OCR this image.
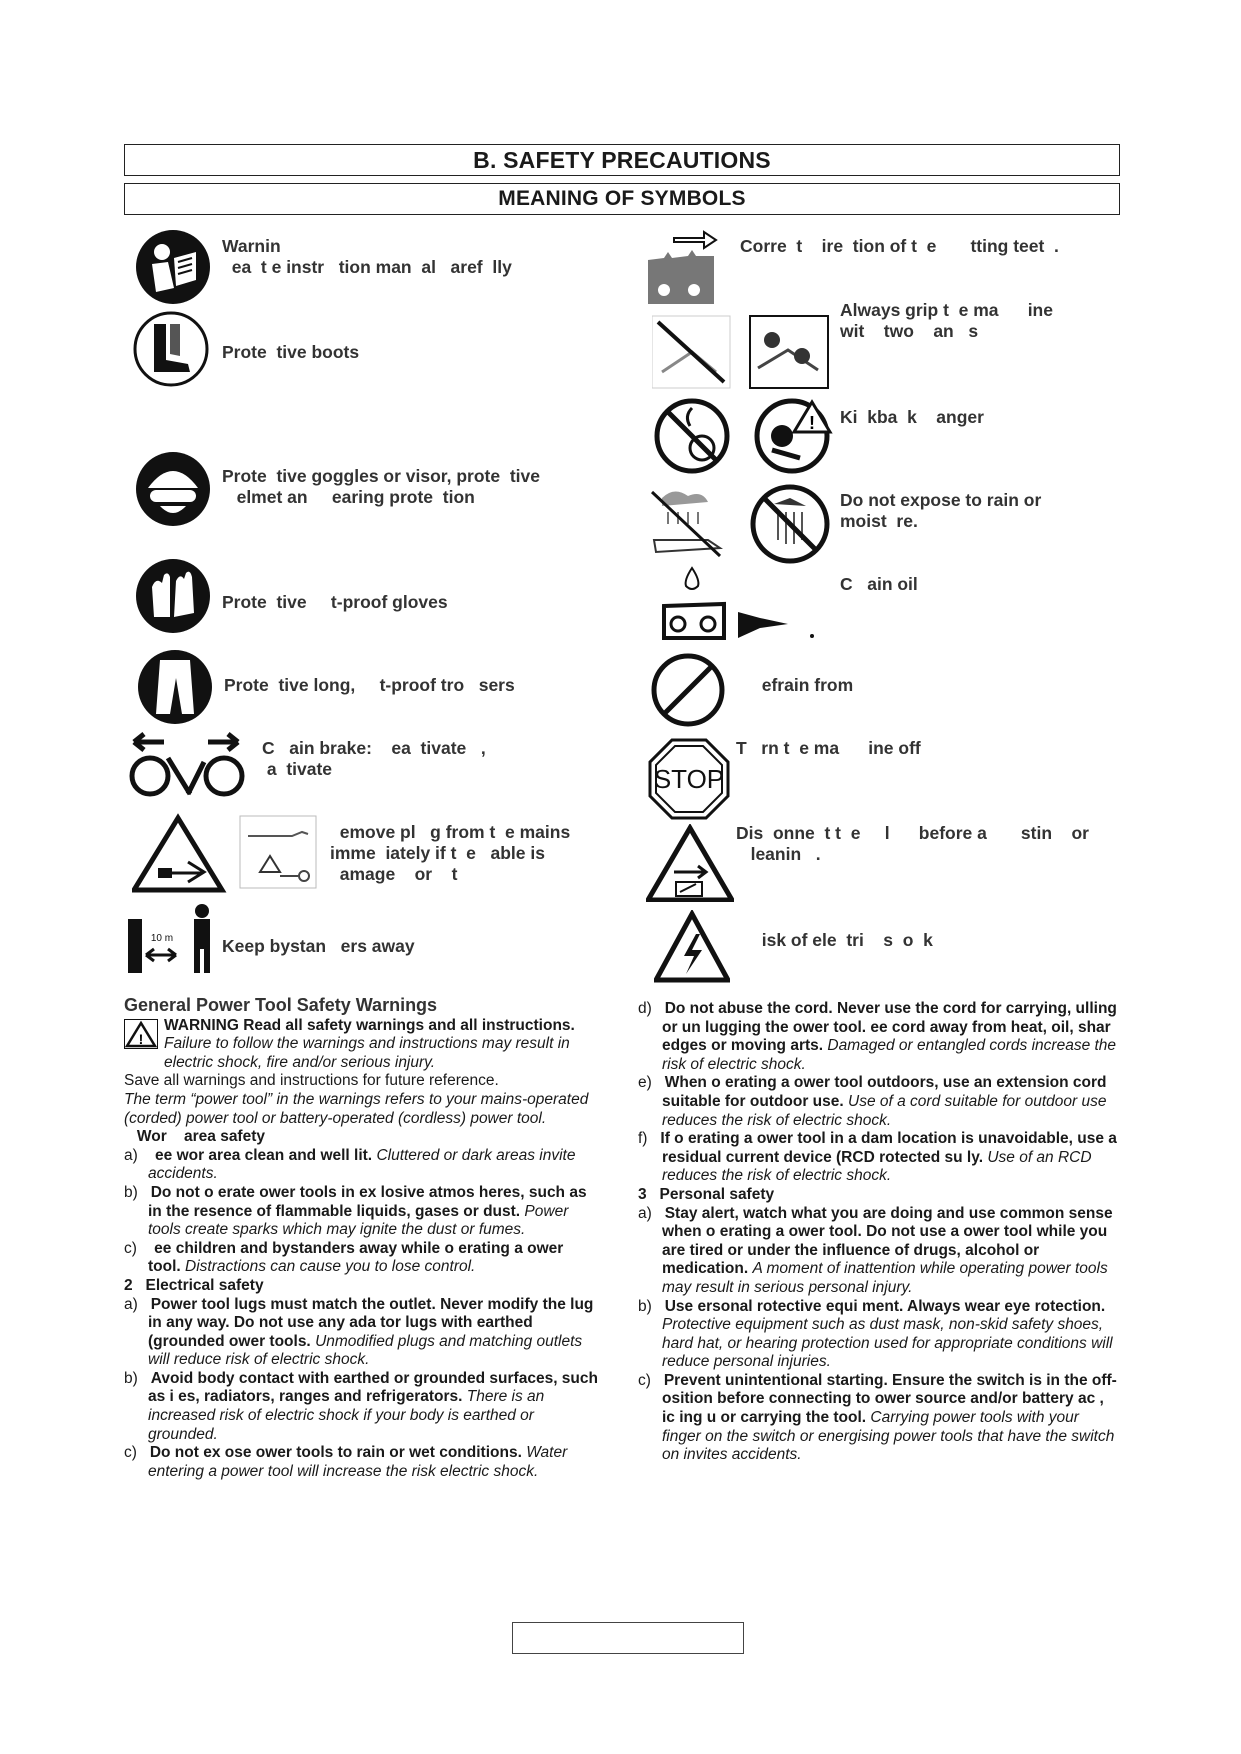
B. SAFETY PRECAUTIONS
MEANING OF SYMBOLS
Warnin
ea  t e instr   tion man  al   aref  lly
Prote  tive boots
Prote  tive goggles or visor, prote  tive
elmet an     earing prote  tion
Prote  tive     t-proof gloves
Prote  tive long,     t-proof tro   sers
C   ain brake:    ea  tivate   ,
a  tivate
emove pl   g from t  e mains
imme  iately if t  e   able is
amage    or    t
10 m	Keep bystan   ers away
Corre  t    ire  tion of t  e       tting teet  .
Always grip t  e ma      ine
wit    two    an   s
! Ki  kba  k    anger
Do not expose to rain or
moist  re.
C   ain oil
efrain from
STOP
T   rn t  e ma      ine off
Dis  onne  t t  e     l      before a       stin    or
leanin   .
isk of ele  tri    s  o  k

General Power Tool Safety Warnings

!

WARNING Read all safety warnings and all instructions. Failure to follow the warnings and instructions may result in electric shock, fire and/or serious injury.

Save all warnings and instructions for future reference.

The term “power tool” in the warnings refers to your mains-operated (corded) power tool or battery-operated (cordless) power tool.

Wor    area safety

a)    ee wor area clean and well lit. Cluttered or dark areas invite accidents.

b) Do not o erate ower tools in ex losive atmos heres, such as in the resence of flammable liquids, gases or dust. Power tools create sparks which may ignite the dust or fumes.

c)    ee children and bystanders away while o erating a ower tool. Distractions can cause you to lose control.

2   Electrical safety

a) Power tool lugs must match the outlet. Never modify the lug in any way. Do not use any ada tor lugs with earthed (grounded ower tools. Unmodified plugs and matching outlets will reduce risk of electric shock.

b) Avoid body contact with earthed or grounded surfaces, such as i es, radiators, ranges and refrigerators. There is an increased risk of electric shock if your body is earthed or grounded.

c) Do not ex ose ower tools to rain or wet conditions. Water entering a power tool will increase the risk electric shock.

d) Do not abuse the cord. Never use the cord for carrying, ulling or un lugging the ower tool. ee cord away from heat, oil, shar edges or moving arts. Damaged or entangled cords increase the risk of electric shock.

e) When o erating a ower tool outdoors, use an extension cord suitable for outdoor use. Use of a cord suitable for outdoor use reduces the risk of electric shock.

f) If o erating a ower tool in a dam location is unavoidable, use a residual current device (RCD rotected su ly. Use of an RCD reduces the risk of electric shock.

3   Personal safety

a) Stay alert, watch what you are doing and use common sense when o erating a ower tool. Do not use a ower tool while you are tired or under the influence of drugs, alcohol or medication. A moment of inattention while operating power tools may result in serious personal injury.

b) Use ersonal rotective equi ment. Always wear eye rotection. Protective equipment such as dust mask, non-skid safety shoes, hard hat, or hearing protection used for appropriate conditions will reduce personal injuries.

c) Prevent unintentional starting. Ensure the switch is in the off- osition before connecting to ower source and/or battery ac , ic ing u or carrying the tool. Carrying power tools with your finger on the switch or energising power tools that have the switch on invites accidents.
